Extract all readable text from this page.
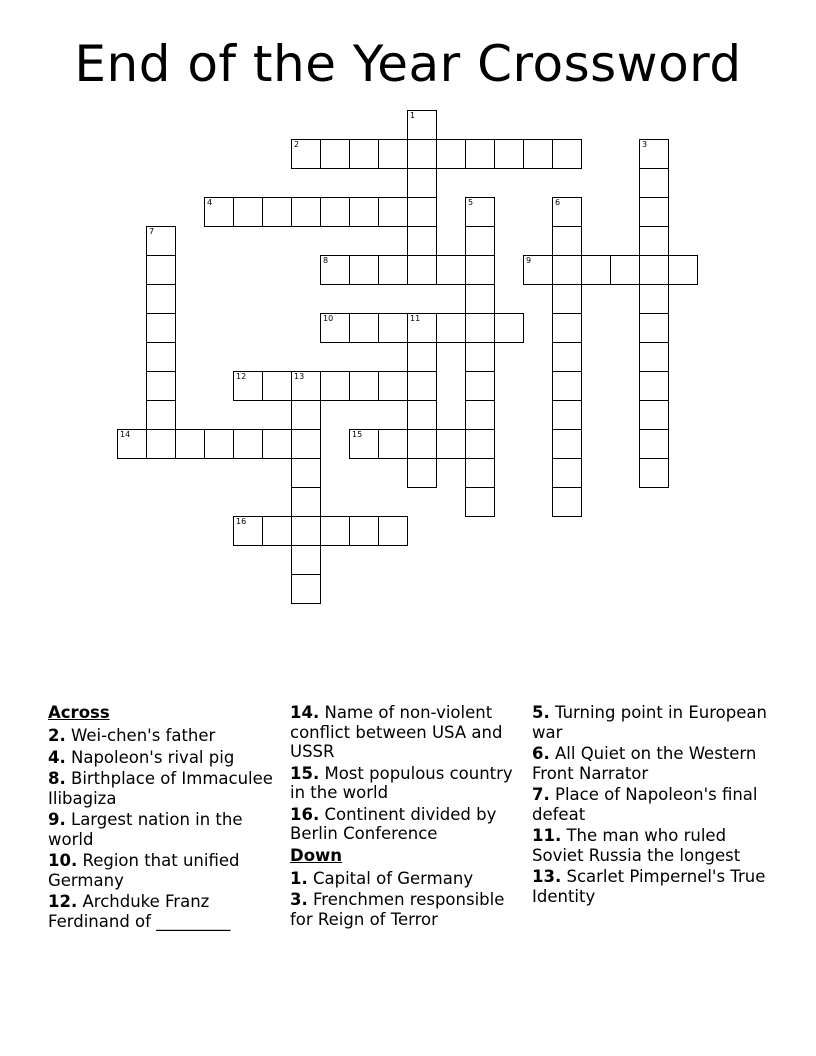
End of the Year Crossword
1
2	3
4	5	6
7
8	9
10	11
12	13
14	15
16
Across
2. Wei-chen's father
4. Napoleon's rival pig
8. Birthplace of Immaculee Ilibagiza
9. Largest nation in the world
10. Region that unified Germany
12. Archduke Franz Ferdinand of _________
14. Name of non-violent conflict between USA and USSR
15. Most populous country in the world
16. Continent divided by Berlin Conference
Down
1. Capital of Germany
3. Frenchmen responsible for Reign of Terror
5. Turning point in European war
6. All Quiet on the Western Front Narrator
7. Place of Napoleon's final defeat
11. The man who ruled Soviet Russia the longest
13. Scarlet Pimpernel's True Identity
